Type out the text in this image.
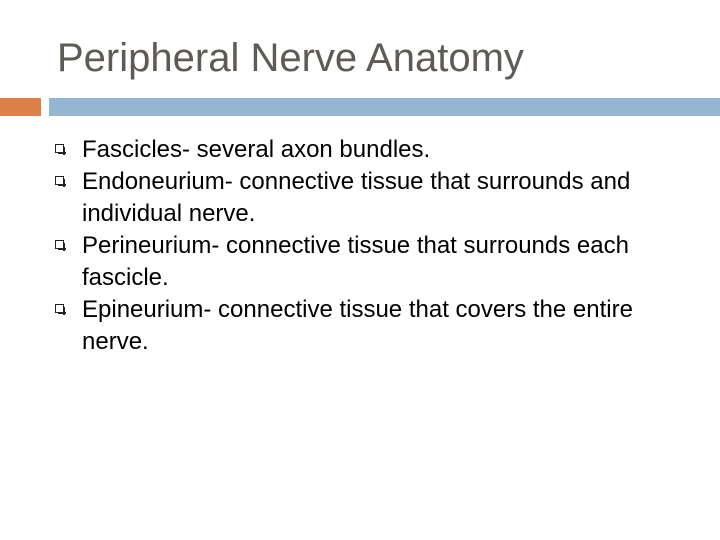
Peripheral Nerve Anatomy
Fascicles- several axon bundles.
Endoneurium- connective tissue that surrounds and individual nerve.
Perineurium- connective tissue that surrounds each fascicle.
Epineurium- connective tissue that covers the entire nerve.
